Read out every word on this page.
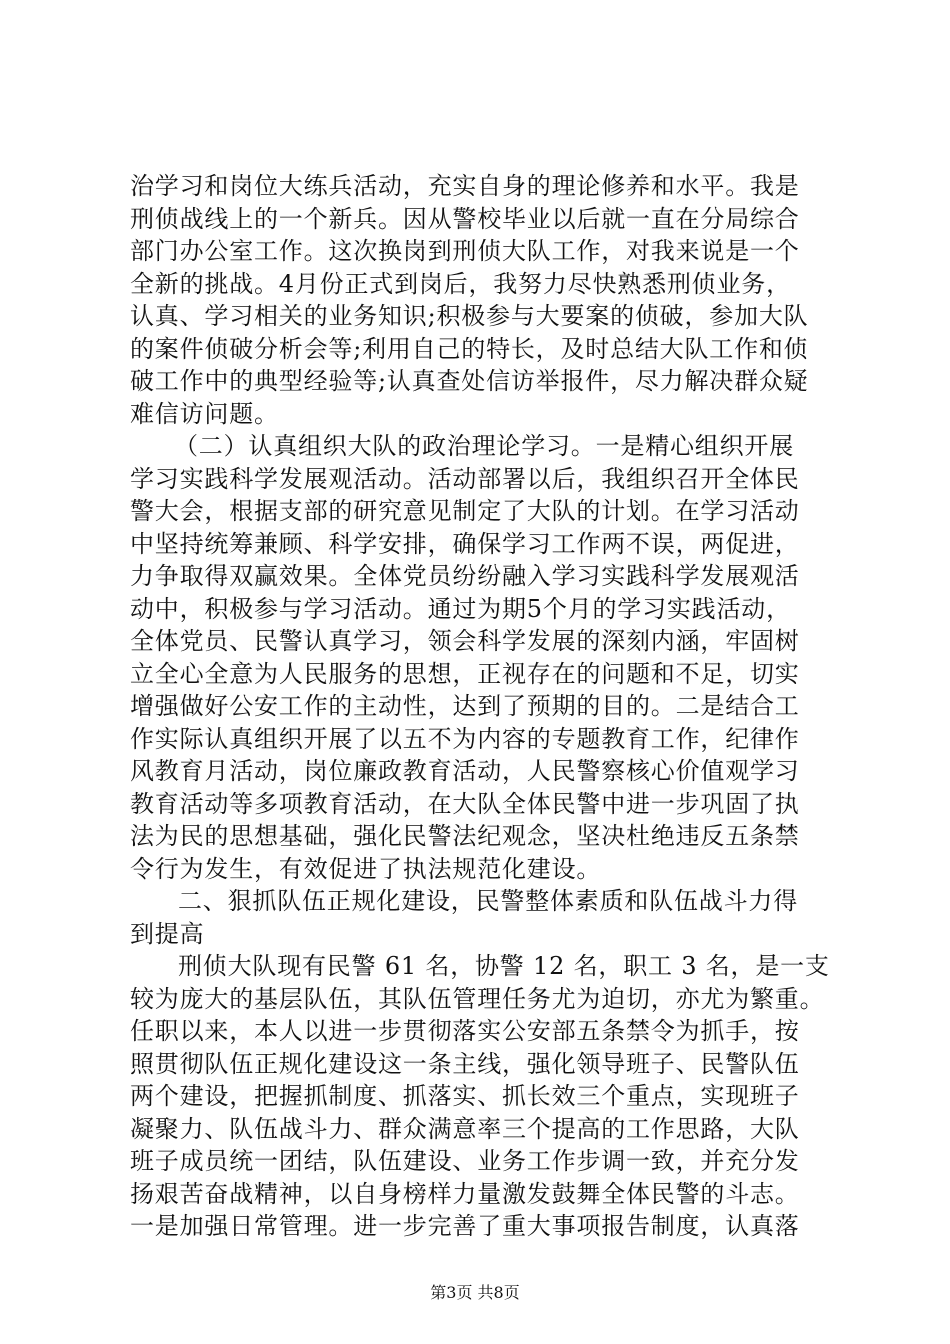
治学习和岗位大练兵活动，充实自身的理论修养和水平。我是
刑侦战线上的一个新兵。因从警校毕业以后就一直在分局综合
部门办公室工作。这次换岗到刑侦大队工作，对我来说是一个
全新的挑战。4月份正式到岗后，我努力尽快熟悉刑侦业务，
认真、学习相关的业务知识;积极参与大要案的侦破，参加大队
的案件侦破分析会等;利用自己的特长，及时总结大队工作和侦
破工作中的典型经验等;认真查处信访举报件，尽力解决群众疑
难信访问题。
（二）认真组织大队的政治理论学习。一是精心组织开展
学习实践科学发展观活动。活动部署以后，我组织召开全体民
警大会，根据支部的研究意见制定了大队的计划。在学习活动
中坚持统筹兼顾、科学安排，确保学习工作两不误，两促进，
力争取得双赢效果。全体党员纷纷融入学习实践科学发展观活
动中，积极参与学习活动。通过为期5个月的学习实践活动，
全体党员、民警认真学习，领会科学发展的深刻内涵，牢固树
立全心全意为人民服务的思想，正视存在的问题和不足，切实
增强做好公安工作的主动性，达到了预期的目的。二是结合工
作实际认真组织开展了以五不为内容的专题教育工作，纪律作
风教育月活动，岗位廉政教育活动，人民警察核心价值观学习
教育活动等多项教育活动，在大队全体民警中进一步巩固了执
法为民的思想基础，强化民警法纪观念，坚决杜绝违反五条禁
令行为发生，有效促进了执法规范化建设。
二、狠抓队伍正规化建设，民警整体素质和队伍战斗力得
到提高
刑侦大队现有民警 61 名，协警 12 名，职工 3 名，是一支
较为庞大的基层队伍，其队伍管理任务尤为迫切，亦尤为繁重。
任职以来，本人以进一步贯彻落实公安部五条禁令为抓手，按
照贯彻队伍正规化建设这一条主线，强化领导班子、民警队伍
两个建设，把握抓制度、抓落实、抓长效三个重点，实现班子
凝聚力、队伍战斗力、群众满意率三个提高的工作思路，大队
班子成员统一团结，队伍建设、业务工作步调一致，并充分发
扬艰苦奋战精神，以自身榜样力量激发鼓舞全体民警的斗志。
一是加强日常管理。进一步完善了重大事项报告制度，认真落
第3页 共8页
